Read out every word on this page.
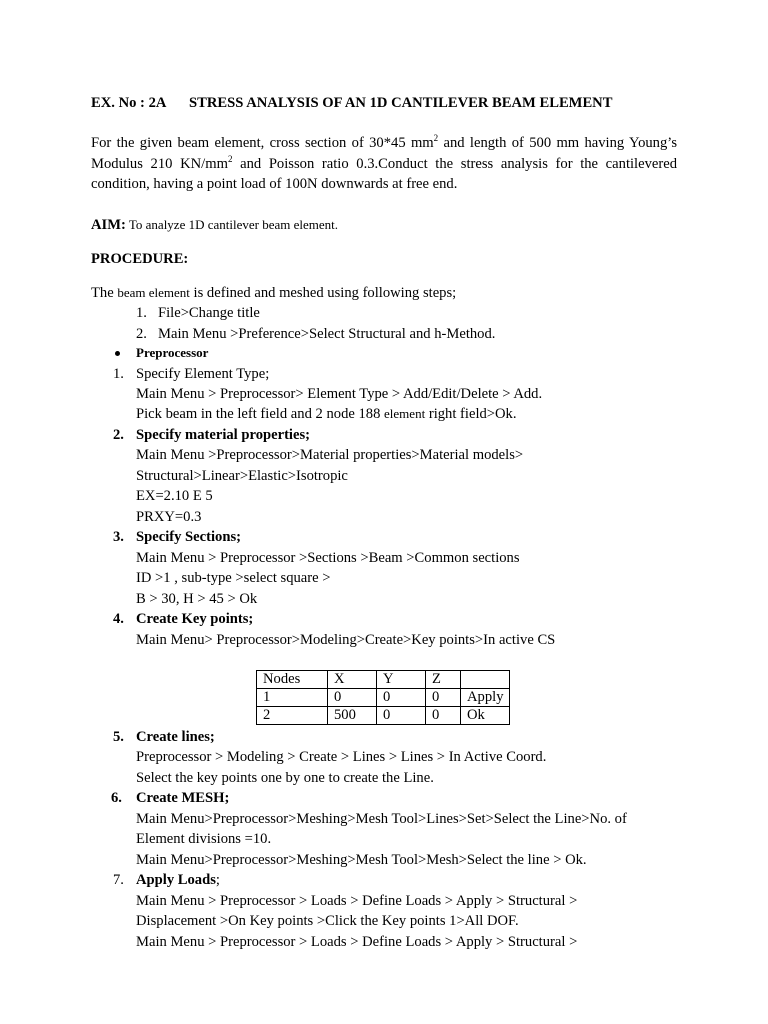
EX. No : 2A STRESS ANALYSIS OF AN 1D CANTILEVER BEAM ELEMENT
For the given beam element, cross section of 30*45 $mm^2$ and length of 500 mm having Young’s Modulus 210 $KN/mm^2$ and Poisson ratio 0.3.Conduct the stress analysis for the cantilevered condition, having a point load of 100N downwards at free end.
AIM: To analyze 1D cantilever beam element.
PROCEDURE:
The beam element is defined and meshed using following steps;
1. File>Change title
2. Main Menu >Preference>Select Structural and h-Method.
Preprocessor
1. Specify Element Type;
Main Menu > Preprocessor> Element Type > Add/Edit/Delete > Add.
Pick beam in the left field and 2 node 188 element right field>Ok.
2. Specify material properties;
Main Menu >Preprocessor>Material properties>Material models>
Structural>Linear>Elastic>Isotropic
EX=2.10 E 5
PRXY=0.3
3. Specify Sections;
Main Menu > Preprocessor >Sections >Beam >Common sections
ID >1 , sub-type >select square >
B > 30, H > 45 > Ok
4. Create Key points;
Main Menu> Preprocessor>Modeling>Create>Key points>In active CS
Nodes	X	Y	Z	
1	0	0	0	Apply
2	500	0	0	Ok
5. Create lines;
Preprocessor > Modeling > Create > Lines > Lines > In Active Coord.
Select the key points one by one to create the Line.
6. Create MESH;
Main Menu>Preprocessor>Meshing>Mesh Tool>Lines>Set>Select the Line>No. of
Element divisions =10.
Main Menu>Preprocessor>Meshing>Mesh Tool>Mesh>Select the line > Ok.
7. Apply Loads;
Main Menu > Preprocessor > Loads > Define Loads > Apply > Structural >
Displacement >On Key points >Click the Key points 1>All DOF.
Main Menu > Preprocessor > Loads > Define Loads > Apply > Structural >
